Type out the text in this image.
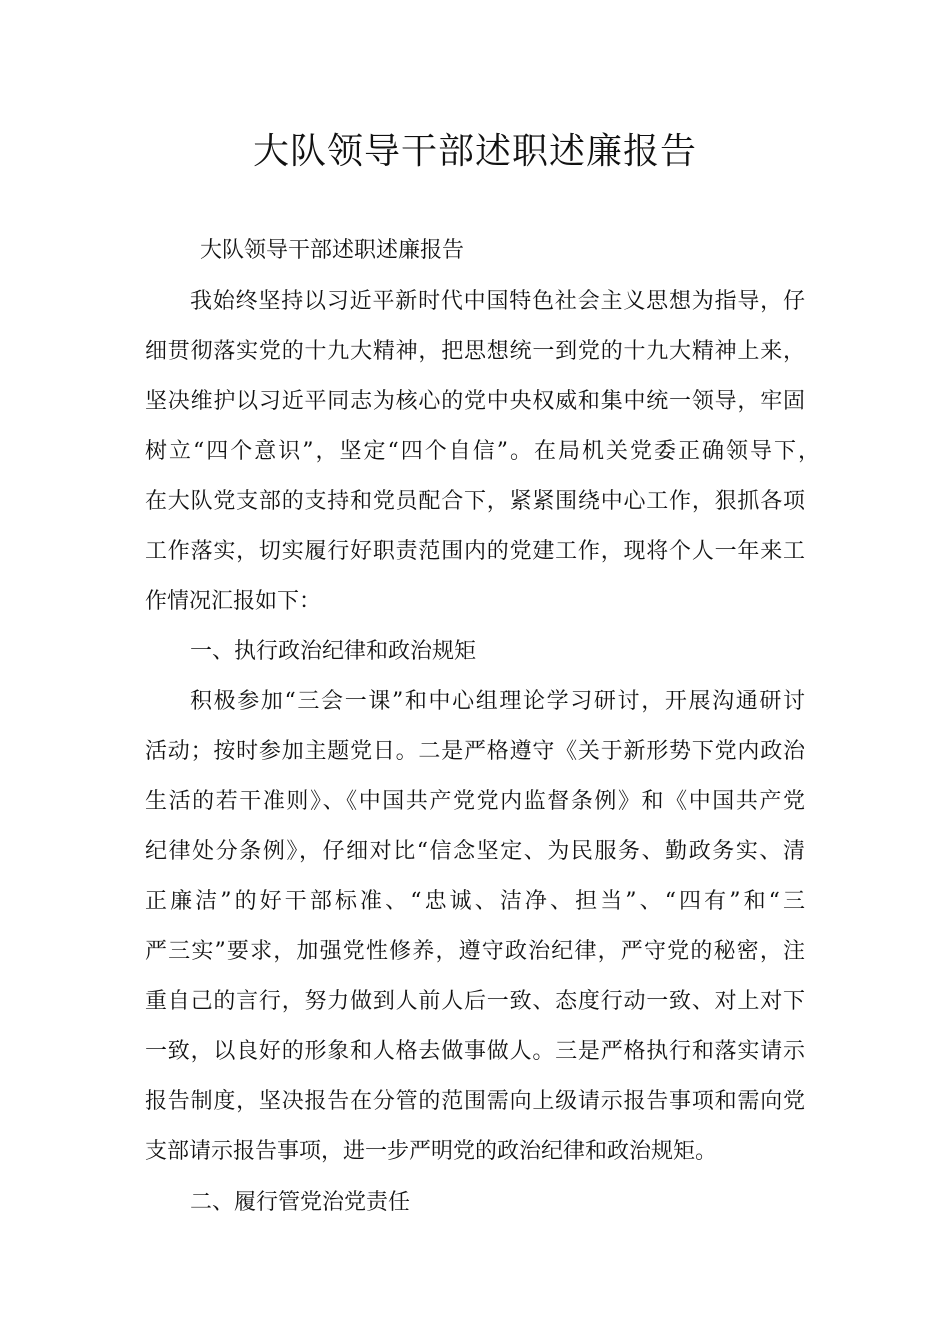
大队领导干部述职述廉报告
大队领导干部述职述廉报告
我始终坚持以习近平新时代中国特色社会主义思想为指导，仔
细贯彻落实党的十九大精神，把思想统一到党的十九大精神上来，
坚决维护以习近平同志为核心的党中央权威和集中统一领导，牢固
树立“四个意识”，坚定“四个自信”。在局机关党委正确领导下，
在大队党支部的支持和党员配合下，紧紧围绕中心工作，狠抓各项
工作落实，切实履行好职责范围内的党建工作，现将个人一年来工
作情况汇报如下：
一、执行政治纪律和政治规矩
积极参加“三会一课”和中心组理论学习研讨，开展沟通研讨
活动；按时参加主题党日。二是严格遵守《关于新形势下党内政治
生活的若干准则》、《中国共产党党内监督条例》和《中国共产党
纪律处分条例》，仔细对比“信念坚定、为民服务、勤政务实、清
正廉洁”的好干部标准、“忠诚、洁净、担当”、“四有”和“三
严三实”要求，加强党性修养，遵守政治纪律，严守党的秘密，注
重自己的言行，努力做到人前人后一致、态度行动一致、对上对下
一致，以良好的形象和人格去做事做人。三是严格执行和落实请示
报告制度，坚决报告在分管的范围需向上级请示报告事项和需向党
支部请示报告事项，进一步严明党的政治纪律和政治规矩。
二、履行管党治党责任
